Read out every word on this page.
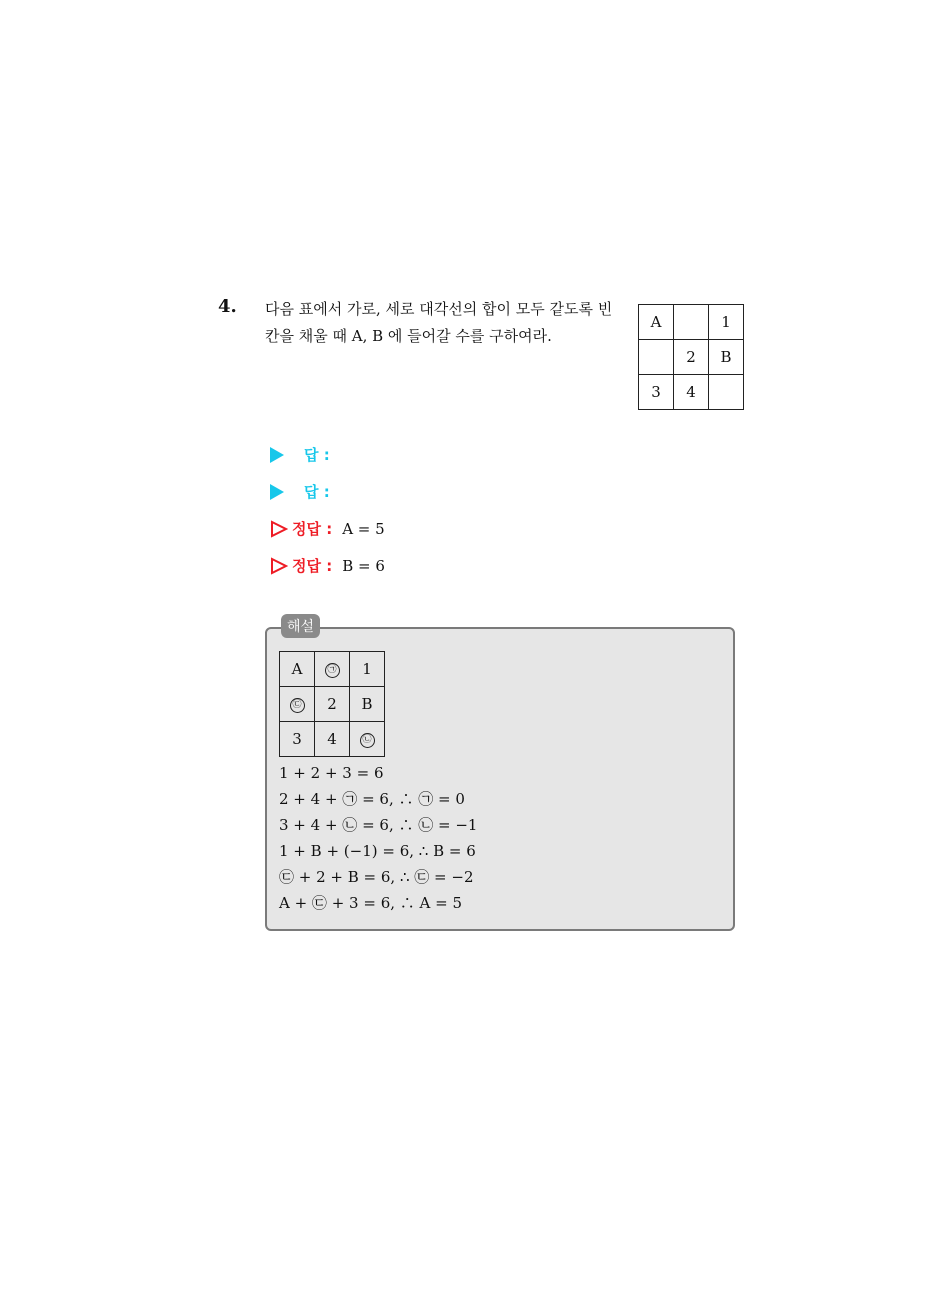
4. 다음 표에서 가로, 세로 대각선의 합이 모두 같도록 빈
칸을 채울 때 A, B 에 들어갈 수를 구하여라.
A		1
	2	B
3	4	
답 :
답 :
정답 : A = 5
정답 : B = 6
해설
A	㉠	1
㉢	2	B
3	4	㉡
1 + 2 + 3 = 6
2 + 4 + ㉠ = 6, ∴ ㉠ = 0
3 + 4 + ㉡ = 6, ∴ ㉡ = −1
1 + B + (−1) = 6, ∴ B = 6
㉢ + 2 + B = 6, ∴ ㉢ = −2
A + ㉢ + 3 = 6, ∴ A = 5
